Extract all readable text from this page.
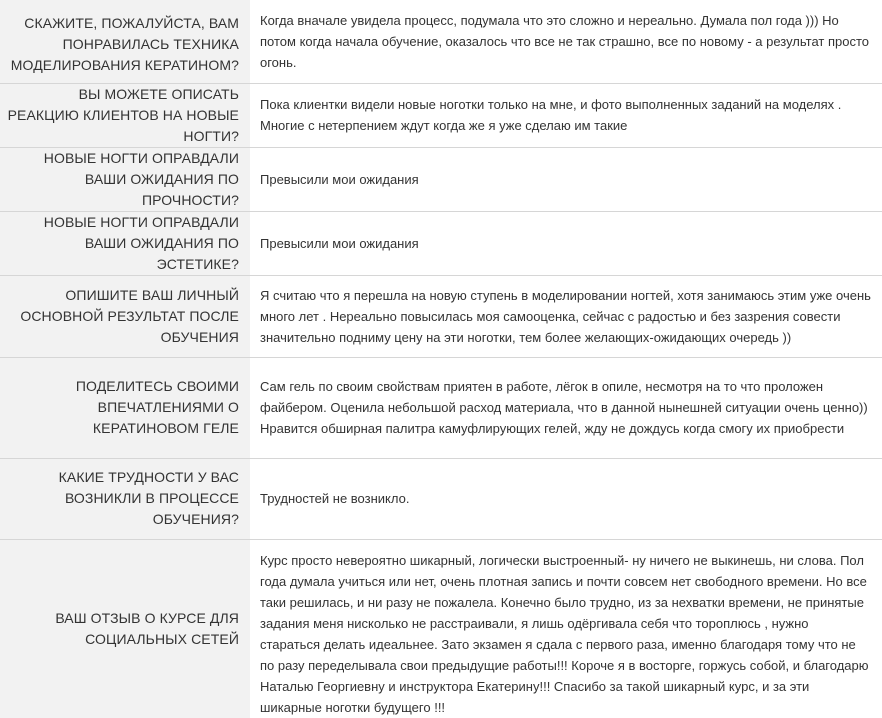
СКАЖИТЕ, ПОЖАЛУЙСТА, ВАМ ПОНРАВИЛАСЬ ТЕХНИКА МОДЕЛИРОВАНИЯ КЕРАТИНОМ?	Когда вначале увидела процесс, подумала что это сложно и нереально. Думала пол года ))) Но потом когда начала обучение, оказалось что все не так страшно, все по новому - а результат просто огонь.
ВЫ МОЖЕТЕ ОПИСАТЬ РЕАКЦИЮ КЛИЕНТОВ НА НОВЫЕ НОГТИ?	Пока клиентки видели новые ноготки только на мне, и фото выполненных заданий на моделях . Многие с нетерпением ждут когда же я уже сделаю им такие
НОВЫЕ НОГТИ ОПРАВДАЛИ ВАШИ ОЖИДАНИЯ ПО ПРОЧНОСТИ?	Превысили мои ожидания
НОВЫЕ НОГТИ ОПРАВДАЛИ ВАШИ ОЖИДАНИЯ ПО ЭСТЕТИКЕ?	Превысили мои ожидания
ОПИШИТЕ ВАШ ЛИЧНЫЙ ОСНОВНОЙ РЕЗУЛЬТАТ ПОСЛЕ ОБУЧЕНИЯ	Я считаю что я перешла на новую ступень в моделировании ногтей, хотя занимаюсь этим уже очень много лет . Нереально повысилась моя самооценка, сейчас с радостью и без зазрения совести значительно подниму цену на эти ноготки, тем более желающих-ожидающих очередь ))
ПОДЕЛИТЕСЬ СВОИМИ ВПЕЧАТЛЕНИЯМИ О КЕРАТИНОВОМ ГЕЛЕ	Сам гель по своим свойствам приятен в работе, лёгок в опиле, несмотря на то что проложен файбером. Оценила небольшой расход материала, что в данной нынешней ситуации очень ценно)) Нравится обширная палитра камуфлирующих гелей, жду не дождусь когда смогу их приобрести
КАКИЕ ТРУДНОСТИ У ВАС ВОЗНИКЛИ В ПРОЦЕССЕ ОБУЧЕНИЯ?	Трудностей не возникло.
ВАШ ОТЗЫВ О КУРСЕ ДЛЯ СОЦИАЛЬНЫХ СЕТЕЙ	Курс просто невероятно шикарный, логически выстроенный- ну ничего не выкинешь, ни слова. Пол года думала учиться или нет, очень плотная запись и почти совсем нет свободного времени. Но все таки решилась, и ни разу не пожалела. Конечно было трудно, из за нехватки времени, не принятые задания меня нисколько не расстраивали, я лишь одёргивала себя что тороплюсь , нужно стараться делать идеальнее. Зато экзамен я сдала с первого раза, именно благодаря тому что не по разу переделывала свои предыдущие работы!!! Короче я в восторге, горжусь собой, и благодарю Наталью Георгиевну и инструктора Екатерину!!! Спасибо за такой шикарный курс, и за эти шикарные ноготки будущего !!!
